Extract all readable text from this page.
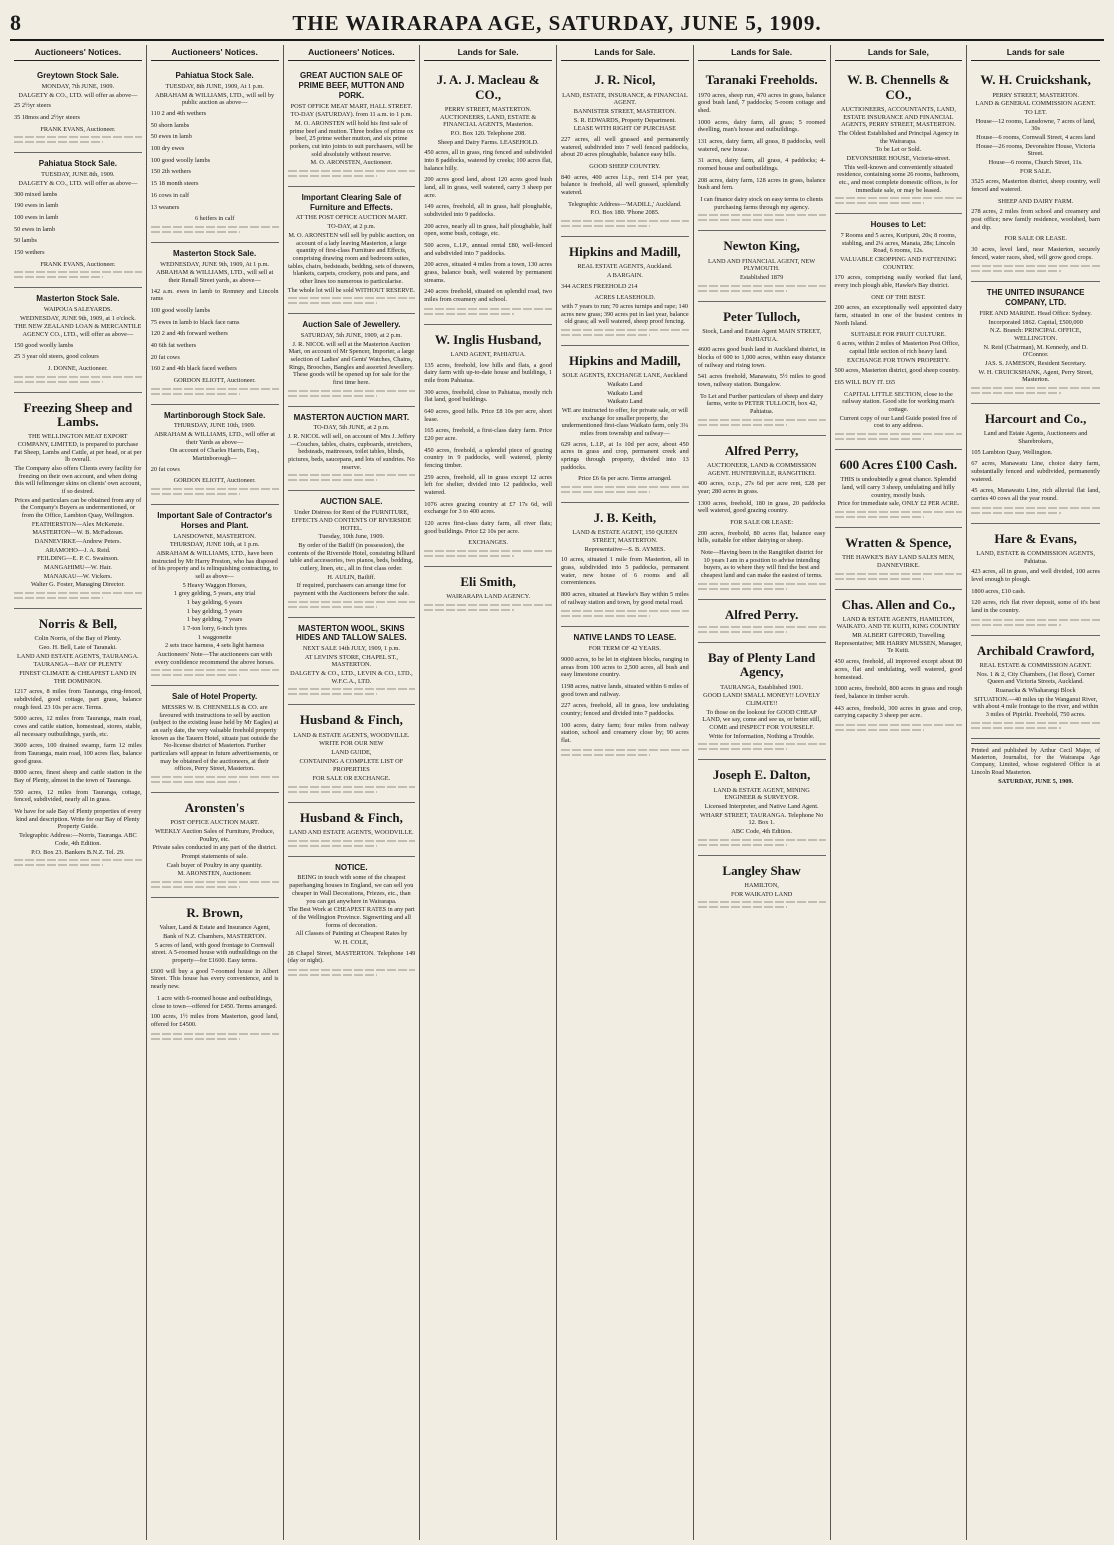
8	THE WAIRARAPA AGE, SATURDAY, JUNE 5, 1909.
Auctioneers' Notices.
Greytown Stock Sale.
MONDAY, 7th JUNE, 1909.
DALGETY & CO., LTD. will offer as above—
25 2½yr steers
35 18mos and 2½yr steers
FRANK EVANS, Auctioneer.
Pahiatua Stock Sale.
TUESDAY, JUNE 8th, 1909.
DALGETY & CO., LTD. will offer as above—
300 mixed lambs
190 ewes in lamb
100 ewes in lamb
50 ewes in lamb
50 lambs
150 wethers
FRANK EVANS, Auctioneer.
Masterton Stock Sale.
WAIPOUA SALEYARDS.
WEDNESDAY, JUNE 9th, 1909, at 1 o'clock.
THE NEW ZEALAND LOAN & MERCANTILE AGENCY CO., LTD., will offer as above—
150 good woolly lambs
25 3 year old steers, good colours
J. DONNE, Auctioneer.
Freezing Sheep and Lambs.
THE WELLINGTON MEAT EXPORT COMPANY, LIMITED, is prepared to purchase Fat Sheep, Lambs and Cattle, at per head, or at per lb overall.
The Company also offers Clients every facility for freezing on their own account, and when doing this will fellmonger skins on clients' own account, if so desired.
Prices and particulars can be obtained from any of the Company's Buyers as undermentioned, or from the Office, Lambton Quay, Wellington.
FEATHERSTON—Alex McKenzie.
MASTERTON—W. B. McFadzean.
DANNEVIRKE—Andrew Peters.
ARAMOHO—J. A. Reid.
FEILDING—E. P. C. Swainson.
MANGAHIMU—W. Hair.
MANAKAU—W. Vickers.
Walter G. Foster, Managing Director.
Norris & Bell,
Colin Norris, of the Bay of Plenty.
Geo. H. Bell, Late of Taranaki.
LAND AND ESTATE AGENTS, TAURANGA.
TAURANGA—BAY OF PLENTY
FINEST CLIMATE & CHEAPEST LAND IN THE DOMINION.
1217 acres, 8 miles from Tauranga, ring-fenced, subdivided, good cottage, part grass, balance rough feed. 23 10s per acre. Terms.
5000 acres, 12 miles from Tauranga, main road, cows and cattle station, homestead, stores, stable, all necessary outbuildings, yards, etc.
3600 acres, 100 drained swamp, farm 12 miles from Tauranga, main road, 100 acres flax, balance good grass.
8000 acres, finest sheep and cattle station in the Bay of Plenty, almost in the town of Tauranga.
550 acres, 12 miles from Tauranga, cottage, fenced, subdivided, nearly all in grass.
We have for sale Bay of Plenty properties of every kind and description. Write for our Bay of Plenty Property Guide.
Telegraphic Address:—Norris, Tauranga. ABC Code, 4th Edition.
P.O. Box 23. Bankers B.N.Z. Tel. 29.
Auctioneers' Notices.
Pahiatua Stock Sale.
TUESDAY, 8th JUNE, 1909, At 1 p.m.
ABRAHAM & WILLIAMS, LTD., will sell by public auction as above—
110 2 and 4th wethers
50 shorn lambs
50 ewes in lamb
100 dry ewes
100 good woolly lambs
150 2th wethers
15 18 month steers
16 cows in calf
13 weaners
6 heifers in calf
Masterton Stock Sale.
WEDNESDAY, JUNE 9th, 1909, At 1 p.m.
ABRAHAM & WILLIAMS, LTD., will sell at their Renall Street yards, as above—
142 a.m. ewes in lamb to Romney and Lincoln rams
100 good woolly lambs
75 ewes in lamb to black face rams
120 2 and 4th forward wethers
40 6th fat wethers
20 fat cows
160 2 and 4th black faced wethers
GORDON ELIOTT, Auctioneer.
Martinborough Stock Sale.
THURSDAY, JUNE 10th, 1909.
ABRAHAM & WILLIAMS, LTD., will offer at their Yards as above—
On account of Charles Harris, Esq., Martinborough—
20 fat cows
GORDON ELIOTT, Auctioneer.
Important Sale of Contractor's Horses and Plant.
LANSDOWNE, MASTERTON.
THURSDAY, JUNE 10th, at 1 p.m.
ABRAHAM & WILLIAMS, LTD., have been instructed by Mr Harry Preston, who has disposed of his property and is relinquishing contracting, to sell as above—
5 Heavy Waggon Horses,
1 grey gelding, 5 years, any trial
1 bay gelding, 6 years
1 bay gelding, 5 years
1 bay gelding, 7 years
1 7-ton lorry, 6-inch tyres
1 waggonette
2 sets trace harness, 4 sets light harness
Auctioneers' Note—The auctioneers can with every confidence recommend the above horses.
Sale of Hotel Property.
MESSRS W. B. CHENNELLS & CO. are favoured with instructions to sell by auction (subject to the existing lease held by Mr Eagles) at an early date, the very valuable freehold property known as the Tauern Hotel, situate just outside the No-license district of Masterton. Further particulars will appear in future advertisements, or may be obtained of the auctioneers, at their offices, Perry Street, Masterton.
Aronsten's
POST OFFICE AUCTION MART.
WEEKLY Auction Sales of Furniture, Produce, Poultry, etc.
Private sales conducted in any part of the district.
Prompt statements of sale.
Cash buyer of Poultry in any quantity.
M. ARONSTEN, Auctioneer.
R. Brown,
Valuer, Land & Estate and Insurance Agent,
Bank of N.Z. Chambers, MASTERTON.
5 acres of land, with good frontage to Cornwall street. A 5-roomed house with outbuildings on the property—for £1600. Easy terms.
£600 will buy a good 7-roomed house in Albert Street. This house has every convenience, and is nearly new.
1 acre with 6-roomed house and outbuildings, close to town—offered for £450. Terms arranged.
100 acres, 1½ miles from Masterton, good land, offered for £4500.
Auctioneers' Notices.
GREAT AUCTION SALE OF PRIME BEEF, MUTTON AND PORK.
POST OFFICE MEAT MART, HALL STREET.
TO-DAY (SATURDAY). from 11 a.m. to 1 p.m.
M. O. ARONSTEN will hold his first sale of prime beef and mutton. Three bodies of prime ox beef, 25 prime wether mutton, and six prime porkers, cut into joints to suit purchasers, will be sold absolutely without reserve.
M. O. ARONSTEN, Auctioneer.
Important Clearing Sale of Furniture and Effects.
AT THE POST OFFICE AUCTION MART.
TO-DAY, at 2 p.m.
M. O. ARONSTEN will sell by public auction, on account of a lady leaving Masterton, a large quantity of first-class Furniture and Effects, comprising drawing room and bedroom suites, tables, chairs, bedsteads, bedding, sets of drawers, blankets, carpets, crockery, pots and pans, and other lines too numerous to particularise.
The whole lot will be sold WITHOUT RESERVE.
Auction Sale of Jewellery.
SATURDAY, 5th JUNE, 1909, at 2 p.m.
J. R. NICOL will sell at the Masterton Auction Mart, on account of Mr Spencer, Importer, a large selection of Ladies' and Gents' Watches, Chains, Rings, Brooches, Bangles and assorted Jewellery. These goods will be opened up for sale for the first time here.
MASTERTON AUCTION MART.
TO-DAY, 5th JUNE, at 2 p.m.
J. R. NICOL will sell, on account of Mrs J. Jeffery—Couches, tables, chairs, cupboards, stretchers, bedsteads, mattresses, toilet tables, blinds, pictures, beds, saucepans, and lots of sundries. No reserve.
AUCTION SALE.
Under Distress for Rent of the FURNITURE, EFFECTS AND CONTENTS OF RIVERSIDE HOTEL.
Tuesday, 10th June, 1909.
By order of the Bailiff (in possession), the contents of the Riverside Hotel, consisting billiard table and accessories, two pianos, beds, bedding, cutlery, linen, etc., all in first class order.
H. AULIN, Bailiff.
If required, purchasers can arrange time for payment with the Auctioneers before the sale.
MASTERTON WOOL, SKINS HIDES AND TALLOW SALES.
NEXT SALE 14th JULY, 1909, 1 p.m.
AT LEVIN'S STORE, CHAPEL ST., MASTERTON.
DALGETY & CO., LTD., LEVIN & CO., LTD., W.F.C.A., LTD.
Husband & Finch,
LAND & ESTATE AGENTS, WOODVILLE.
WRITE FOR OUR NEW
LAND GUIDE,
CONTAINING A COMPLETE LIST OF
PROPERTIES
FOR SALE OR EXCHANGE.
Husband & Finch,
LAND AND ESTATE AGENTS, WOODVILLE.
NOTICE.
BEING in touch with some of the cheapest paperhanging houses in England, we can sell you cheaper in Wall Decorations, Friezes, etc., than you can get anywhere in Wairarapa.
The Best Work at CHEAPEST RATES in any part of the Wellington Province. Signwriting and all forms of decoration.
All Classes of Painting at Cheapest Rates by
W. H. COLE,
28 Chapel Street, MASTERTON. Telephone 149 (day or night).
Lands for Sale.
J. A. J. Macleau & CO.,
PERRY STREET, MASTERTON. AUCTIONEERS, LAND, ESTATE & FINANCIAL AGENTS, Masterton.
P.O. Box 120. Telephone 208.
Sheep and Dairy Farms. LEASEHOLD.
450 acres, all in grass, ring fenced and subdivided into 8 paddocks, watered by creeks; 100 acres flat, balance hilly.
200 acres good land, about 120 acres good bush land, all in grass, well watered, carry 3 sheep per acre.
149 acres, freehold, all in grass, half ploughable, subdivided into 9 paddocks.
200 acres, nearly all in grass, half ploughable, half open, some bush, cottage, etc.
500 acres, L.I.P., annual rental £80, well-fenced and subdivided into 7 paddocks.
200 acres, situated 4 miles from a town, 130 acres grass, balance bush, well watered by permanent streams.
240 acres freehold, situated on splendid road, two miles from creamery and school.
W. Inglis Husband,
LAND AGENT, PAHIATUA.
135 acres, freehold, low hills and flats, a good dairy farm with up-to-date house and buildings, 1 mile from Pahiatua.
300 acres, freehold, close to Pahiatua, mostly rich flat land, good buildings.
640 acres, good hills. Price £8 10s per acre, short lease.
165 acres, freehold, a first-class dairy farm. Price £20 per acre.
450 acres, freehold, a splendid piece of grazing country in 9 paddocks, well watered, plenty fencing timber.
259 acres, freehold, all in grass except 12 acres left for shelter, divided into 12 paddocks, well watered.
1076 acres grazing country at £7 17s 6d, will exchange for 3 to 400 acres.
120 acres first-class dairy farm, all river flats; good buildings. Price £2 10s per acre.
EXCHANGES.
Eli Smith,
WAIRARAPA LAND AGENCY.
Lands for Sale.
J. R. Nicol,
LAND, ESTATE, INSURANCE, & FINANCIAL AGENT.
BANNISTER STREET, MASTERTON.
S. R. EDWARDS, Property Department.
LEASE WITH RIGHT OF PURCHASE
227 acres, all well grassed and permanently watered, subdivided into 7 well fenced paddocks, about 20 acres ploughable, balance easy hills.
GOOD SHEEP COUNTRY.
840 acres, 400 acres l.i.p., rent £14 per year, balance is freehold, all well grassed, splendidly watered.
Telegraphic Address—'MADILL,' Auckland.
P.O. Box 180. 'Phone 2085.
Hipkins and Madill,
REAL ESTATE AGENTS, Auckland.
A BARGAIN.
344 ACRES FREEHOLD 214
ACRES LEASEHOLD.
with 7 years to run; 70 acres turnips and rape; 140 acres new grass; 390 acres put in last year, balance old grass; all well watered, sheep proof fencing.
Hipkins and Madill,
SOLE AGENTS, EXCHANGE LANE, Auckland
Waikato Land
Waikato Land
Waikato Land
WE are instructed to offer, for private sale, or will exchange for smaller property, the undermentioned first-class Waikato farm, only 3¼ miles from township and railway—
629 acres, L.I.P., at 1s 10d per acre, about 450 acres in grass and crop, permanent creek and springs through property, divided into 13 paddocks.
Price £6 6s per acre. Terms arranged.
J. B. Keith,
LAND & ESTATE AGENT, 150 QUEEN STREET, MASTERTON.
Representative—S. B. AYMES.
10 acres, situated 1 mile from Masterton, all in grass, subdivided into 5 paddocks, permanent water, new house of 6 rooms and all conveniences.
800 acres, situated at Hawke's Bay within 5 miles of railway station and town, by good metal road.
NATIVE LANDS TO LEASE.
FOR TERM OF 42 YEARS.
9000 acres, to be let in eighteen blocks, ranging in areas from 100 acres to 2,500 acres, all bush and easy limestone country.
1198 acres, native lands, situated within 6 miles of good town and railway.
227 acres, freehold, all in grass, low undulating country; fenced and divided into 7 paddocks.
100 acres, dairy farm; four miles from railway station, school and creamery close by; 90 acres flat.
Lands for Sale.
Taranaki Freeholds.
1970 acres, sheep run, 470 acres in grass, balance good bush land, 7 paddocks; 5-room cottage and shed.
1000 acres, dairy farm, all grass; 5 roomed dwelling, man's house and outbuildings.
131 acres, dairy farm, all grass, 8 paddocks, well watered, new house.
31 acres, dairy farm, all grass, 4 paddocks; 4-roomed house and outbuildings.
208 acres, dairy farm, 128 acres in grass, balance bush and fern.
I can finance dairy stock on easy terms to clients purchasing farms through my agency.
Newton King,
LAND AND FINANCIAL AGENT, NEW PLYMOUTH.
Established 1879
Peter Tulloch,
Stock, Land and Estate Agent MAIN STREET, PAHIATUA.
4600 acres good bush land in Auckland district, in blocks of 600 to 1,000 acres, within easy distance of railway and rising town.
541 acres freehold, Manawatu, 5½ miles to good town, railway station. Bungalow.
To Let and Further particulars of sheep and dairy farms, write to PETER TULLOCH, box 42, Pahiatua.
Alfred Perry,
AUCTIONEER, LAND & COMMISSION AGENT. HUNTERVILLE, RANGITIKEI.
400 acres, o.r.p., 27s 6d per acre rent, £28 per year; 280 acres in grass.
1300 acres, freehold, 180 in grass, 20 paddocks well watered, good grazing country.
FOR SALE OR LEASE:
200 acres, freehold, 80 acres flat, balance easy hills, suitable for either dairying or sheep.
Note—Having been in the Rangitikei district for 10 years I am in a position to advise intending buyers, as to where they will find the best and cheapest land and can make the easiest of terms.
Alfred Perry.
Bay of Plenty Land Agency,
TAURANGA, Established 1901.
GOOD LAND! SMALL MONEY!! LOVELY CLIMATE!!
To those on the lookout for GOOD CHEAP LAND, we say, come and see us, or better still, COME and INSPECT FOR YOURSELF.
Write for Information, Nothing a Trouble.
Joseph E. Dalton,
LAND & ESTATE AGENT, MINING ENGINEER & SURVEYOR.
Licensed Interpreter, and Native Land Agent.
WHARF STREET, TAURANGA. Telephone No 12. Box 1.
ABC Code, 4th Edition.
Langley Shaw
HAMILTON,
FOR WAIKATO LAND
Lands for Sale,
W. B. Chennells & CO.,
AUCTIONEERS, ACCOUNTANTS, LAND, ESTATE INSURANCE AND FINANCIAL AGENTS, PERRY STREET, MASTERTON.
The Oldest Established and Principal Agency in the Wairarapa.
To be Let or Sold.
DEVONSHIRE HOUSE, Victoria-street.
This well-known and conveniently situated residence, containing some 26 rooms, bathroom, etc., and most complete domestic offices, is for immediate sale, or may be leased.
Houses to Let:
7 Rooms and 5 acres, Kuripuni, 20s; 8 rooms, stabling, and 2¼ acres, Manaia, 28s; Lincoln Road, 6 rooms, 12s.
VALUABLE CROPPING AND FATTENING COUNTRY.
170 acres, comprising easily worked flat land, every inch plough able, Hawke's Bay district.
ONE OF THE BEST.
200 acres, an exceptionally well appointed dairy farm, situated in one of the busiest centres in North Island.
SUITABLE FOR FRUIT CULTURE.
6 acres, within 2 miles of Masterton Post Office, capital little section of rich heavy land.
EXCHANGE FOR TOWN PROPERTY.
500 acres, Masterton district, good sheep country.
£65 WILL BUY IT. £65
CAPITAL LITTLE SECTION, close to the railway station. Good site for working man's cottage.
Current copy of our Land Guide posted free of cost to any address.
600 Acres £100 Cash.
THIS is undoubtedly a great chance. Splendid land, will carry 3 sheep, undulating and hilly country, mostly bush.
Price for immediate sale, ONLY £2 PER ACRE.
Wratten & Spence,
THE HAWKE'S BAY LAND SALES MEN, DANNEVIRKE.
Chas. Allen and Co.,
LAND & ESTATE AGENTS, HAMILTON, WAIKATO. AND TE KUITI, KING COUNTRY
MR ALBERT GIFFORD, Travelling Representative; MR HARRY MUSSEN, Manager, Te Kuiti.
450 acres, freehold, all improved except about 80 acres, flat and undulating, well watered, good homestead.
1000 acres, freehold, 800 acres in grass and rough feed, balance in timber scrub.
443 acres, freehold, 300 acres in grass and crop, carrying capacity 3 sheep per acre.
Lands for sale
W. H. Cruickshank,
PERRY STREET, MASTERTON.
LAND & GENERAL COMMISSION AGENT.
TO LET.
House—12 rooms, Lansdowne, 7 acres of land, 30s
House—6 rooms, Cornwall Street, 4 acres land
House—26 rooms, Devonshire House, Victoria Street.
House—6 rooms, Church Street, 11s.
FOR SALE.
3525 acres, Masterton district, sheep country, well fenced and watered.
SHEEP AND DAIRY FARM.
278 acres, 2 miles from school and creamery and post office; new family residence, woolshed, barn and dip.
FOR SALE OR LEASE.
30 acres, level land, near Masterton, securely fenced, water races, shed, will grow good crops.
THE UNITED INSURANCE COMPANY, LTD.
FIRE AND MARINE. Head Office: Sydney.
Incorporated 1862. Capital, £500,000
N.Z. Branch: PRINCIPAL OFFICE, WELLINGTON.
N. Reid (Chairman), M. Kennedy, and D. O'Connor.
JAS. S. JAMESON, Resident Secretary.
W. H. CRUICKSHANK, Agent, Perry Street, Masterton.
Harcourt and Co.,
Land and Estate Agents, Auctioneers and Sharebrokers,
105 Lambton Quay, Wellington.
67 acres, Manawatu Line, choice dairy farm, substantially fenced and subdivided, permanently watered.
45 acres, Manawatu Line, rich alluvial flat land, carries 40 cows all the year round.
Hare & Evans,
LAND, ESTATE & COMMISSION AGENTS, Pahiatua.
423 acres, all in grass, and well divided, 100 acres level enough to plough.
1800 acres, £10 cash.
120 acres, rich flat river deposit, some of it's best land in the country.
Archibald Crawford,
REAL ESTATE & COMMISSION AGENT.
Nos. 1 & 2, City Chambers, (1st floor), Corner Queen and Victoria Streets, Auckland.
Ruanacka & Whaharangi Block
SITUATION.—40 miles up the Wanganui River, with about 4 mile frontage to the river, and within 3 miles of Pipiriki. Freehold, 750 acres.
Printed and published by Arthur Cecil Major, of Masterton, Journalist, for the Wairarapa Age Company, Limited, whose registered Office is at Lincoln Road Masterton.
SATURDAY, JUNE 5, 1909.
